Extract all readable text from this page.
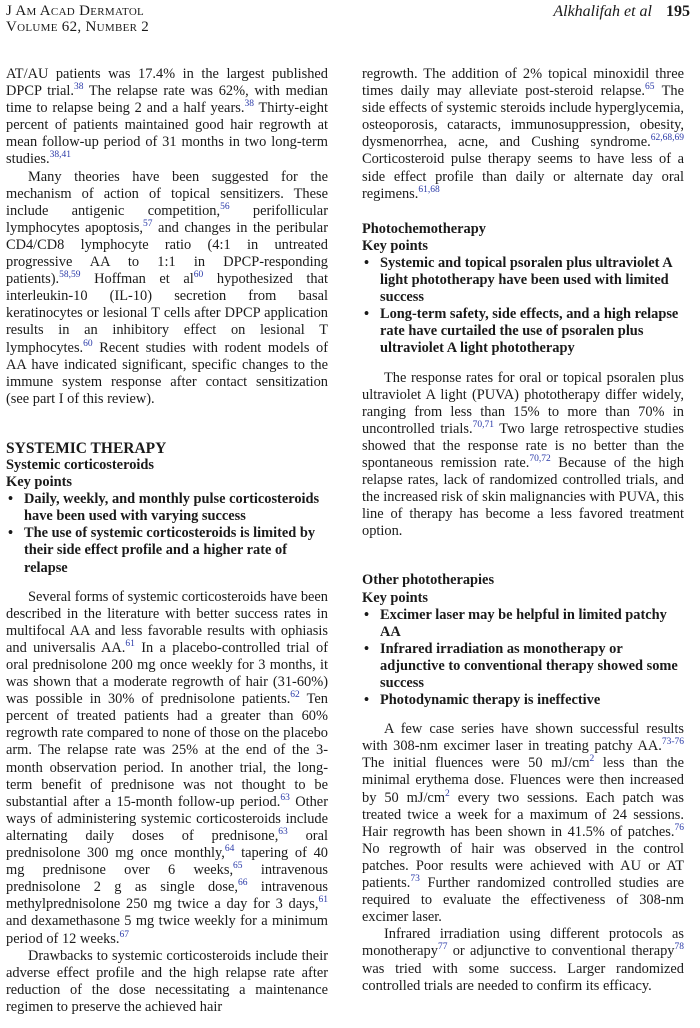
J Am Acad Dermatol
Volume 62, Number 2
Alkhalifah et al 195

AT/AU patients was 17.4% in the largest published DPCP trial.$^{38}$ The relapse rate was 62%, with median time to relapse being 2 and a half years.$^{38}$ Thirty-eight percent of patients maintained good hair regrowth at mean follow-up period of 31 months in two long-term studies.$^{38,41}$

Many theories have been suggested for the mechanism of action of topical sensitizers. These include antigenic competition,$^{56}$ perifollicular lymphocytes apoptosis,$^{57}$ and changes in the peribular CD4/CD8 lymphocyte ratio (4:1 in untreated progressive AA to 1:1 in DPCP-responding patients).$^{58,59}$ Hoffman et $al^{60}$ hypothesized that interleukin-10 (IL-10) secretion from basal keratinocytes or lesional T cells after DPCP application results in an inhibitory effect on lesional T lymphocytes.$^{60}$ Recent studies with rodent models of AA have indicated significant, specific changes to the immune system response after contact sensitization (see part I of this review).

SYSTEMIC THERAPY
Systemic corticosteroids
Key points
• Daily, weekly, and monthly pulse corticosteroids have been used with varying success
• The use of systemic corticosteroids is limited by their side effect profile and a higher rate of relapse

Several forms of systemic corticosteroids have been described in the literature with better success rates in multifocal AA and less favorable results with ophiasis and universalis AA.$^{61}$ In a placebo-controlled trial of oral prednisolone 200 mg once weekly for 3 months, it was shown that a moderate regrowth of hair (31-60%) was possible in 30% of prednisolone patients.$^{62}$ Ten percent of treated patients had a greater than 60% regrowth rate compared to none of those on the placebo arm. The relapse rate was 25% at the end of the 3-month observation period. In another trial, the long-term benefit of prednisone was not thought to be substantial after a 15-month follow-up period.$^{63}$ Other ways of administering systemic corticosteroids include alternating daily doses of prednisone,$^{63}$ oral prednisolone 300 mg once monthly,$^{64}$ tapering of 40 mg prednisone over 6 weeks,$^{65}$ intravenous prednisolone 2 g as single dose,$^{66}$ intravenous methylprednisolone 250 mg twice a day for 3 days,$^{61}$ and dexamethasone 5 mg twice weekly for a minimum period of 12 weeks.$^{67}$

Drawbacks to systemic corticosteroids include their adverse effect profile and the high relapse rate after reduction of the dose necessitating a maintenance regimen to preserve the achieved hair

regrowth. The addition of 2% topical minoxidil three times daily may alleviate post-steroid relapse.$^{65}$ The side effects of systemic steroids include hyperglycemia, osteoporosis, cataracts, immunosuppression, obesity, dysmenorrhea, acne, and Cushing syndrome.$^{62,68,69}$ Corticosteroid pulse therapy seems to have less of a side effect profile than daily or alternate day oral regimens.$^{61,68}$

Photochemotherapy
Key points
• Systemic and topical psoralen plus ultraviolet A light phototherapy have been used with limited success
• Long-term safety, side effects, and a high relapse rate have curtailed the use of psoralen plus ultraviolet A light phototherapy

The response rates for oral or topical psoralen plus ultraviolet A light (PUVA) phototherapy differ widely, ranging from less than 15% to more than 70% in uncontrolled trials.$^{70,71}$ Two large retrospective studies showed that the response rate is no better than the spontaneous remission rate.$^{70,72}$ Because of the high relapse rates, lack of randomized controlled trials, and the increased risk of skin malignancies with PUVA, this line of therapy has become a less favored treatment option.

Other phototherapies
Key points
• Excimer laser may be helpful in limited patchy AA
• Infrared irradiation as monotherapy or adjunctive to conventional therapy showed some success
• Photodynamic therapy is ineffective

A few case series have shown successful results with 308-nm excimer laser in treating patchy AA.$^{73-76}$ The initial fluences were 50 $mJ/cm^2$ less than the minimal erythema dose. Fluences were then increased by 50 $mJ/cm^2$ every two sessions. Each patch was treated twice a week for a maximum of 24 sessions. Hair regrowth has been shown in 41.5% of patches.$^{76}$ No regrowth of hair was observed in the control patches. Poor results were achieved with AU or AT patients.$^{73}$ Further randomized controlled studies are required to evaluate the effectiveness of 308-nm excimer laser.

Infrared irradiation using different protocols as monotherapy$^{77}$ or adjunctive to conventional therapy$^{78}$ was tried with some success. Larger randomized controlled trials are needed to confirm its efficacy.
